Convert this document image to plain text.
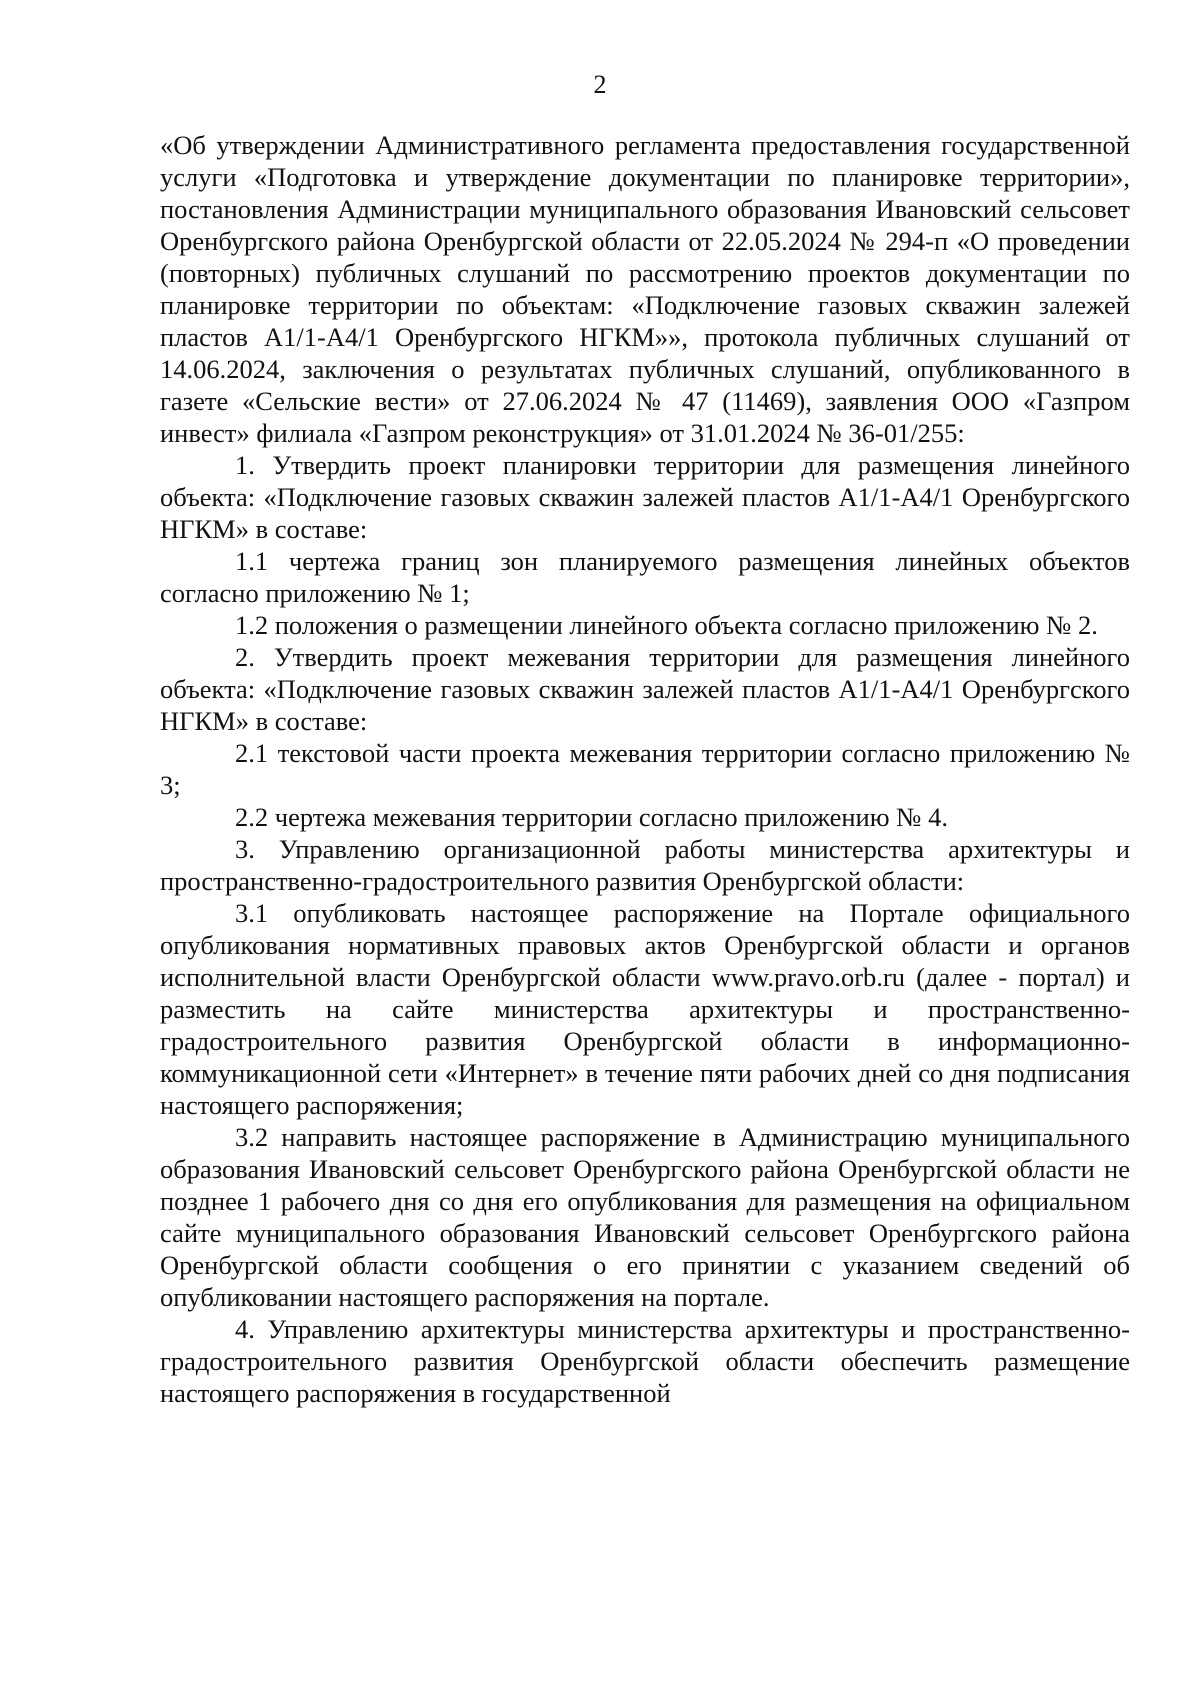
2

«Об утверждении Административного регламента предоставления государственной услуги «Подготовка и утверждение документации по планировке территории», постановления Администрации муниципального образования Ивановский сельсовет Оренбургского района Оренбургской области от 22.05.2024 № 294-п «О проведении (повторных) публичных слушаний по рассмотрению проектов документации по планировке территории по объектам: «Подключение газовых скважин залежей пластов А1/1-А4/1 Оренбургского НГКМ»», протокола публичных слушаний от 14.06.2024, заключения о результатах публичных слушаний, опубликованного в газете «Сельские вести» от 27.06.2024 № 47 (11469), заявления ООО «Газпром инвест» филиала «Газпром реконструкция» от 31.01.2024 № 36-01/255:

1. Утвердить проект планировки территории для размещения линейного объекта: «Подключение газовых скважин залежей пластов А1/1-А4/1 Оренбургского НГКМ» в составе:

1.1 чертежа границ зон планируемого размещения линейных объектов согласно приложению № 1;

1.2 положения о размещении линейного объекта согласно приложению № 2.

2. Утвердить проект межевания территории для размещения линейного объекта: «Подключение газовых скважин залежей пластов А1/1-А4/1 Оренбургского НГКМ» в составе:

2.1 текстовой части проекта межевания территории согласно приложению № 3;

2.2 чертежа межевания территории согласно приложению № 4.

3. Управлению организационной работы министерства архитектуры и пространственно-градостроительного развития Оренбургской области:

3.1 опубликовать настоящее распоряжение на Портале официального опубликования нормативных правовых актов Оренбургской области и органов исполнительной власти Оренбургской области www.pravo.orb.ru (далее - портал) и разместить на сайте министерства архитектуры и пространственно-градостроительного развития Оренбургской области в информационно-коммуникационной сети «Интернет» в течение пяти рабочих дней со дня подписания настоящего распоряжения;

3.2 направить настоящее распоряжение в Администрацию муниципального образования Ивановский сельсовет Оренбургского района Оренбургской области не позднее 1 рабочего дня со дня его опубликования для размещения на официальном сайте муниципального образования Ивановский сельсовет Оренбургского района Оренбургской области сообщения о его принятии с указанием сведений об опубликовании настоящего распоряжения на портале.

4. Управлению архитектуры министерства архитектуры и пространственно-градостроительного развития Оренбургской области обеспечить размещение настоящего распоряжения в государственной
